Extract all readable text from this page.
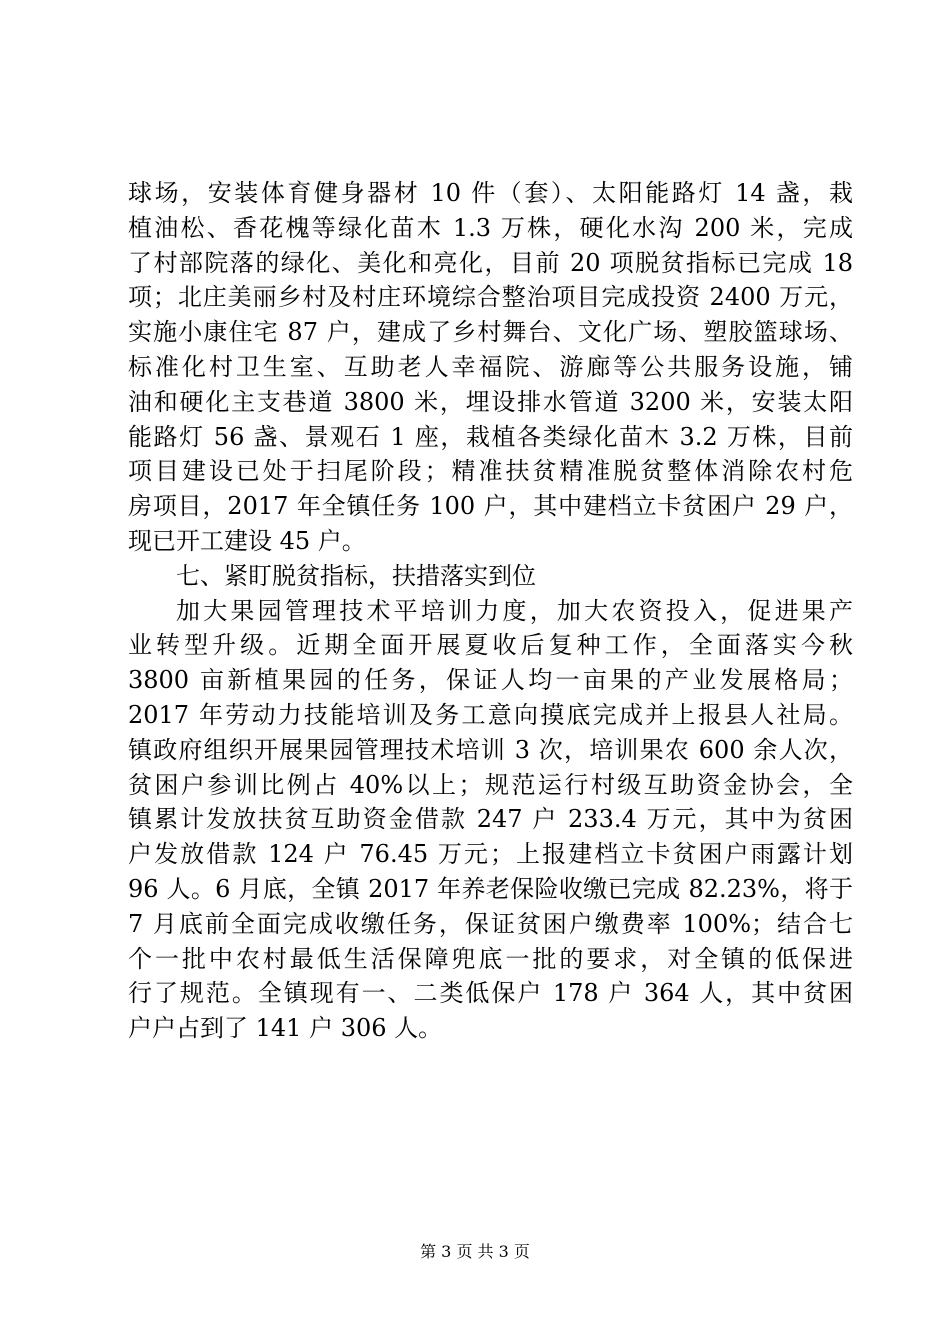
球场，安装体育健身器材 10 件（套）、太阳能路灯 14 盏，栽
植油松、香花槐等绿化苗木 1.3 万株，硬化水沟 200 米，完成
了村部院落的绿化、美化和亮化，目前 20 项脱贫指标已完成 18
项；北庄美丽乡村及村庄环境综合整治项目完成投资 2400 万元，
实施小康住宅 87 户，建成了乡村舞台、文化广场、塑胶篮球场、
标准化村卫生室、互助老人幸福院、游廊等公共服务设施，铺
油和硬化主支巷道 3800 米，埋设排水管道 3200 米，安装太阳
能路灯 56 盏、景观石 1 座，栽植各类绿化苗木 3.2 万株，目前
项目建设已处于扫尾阶段；精准扶贫精准脱贫整体消除农村危
房项目，2017 年全镇任务 100 户，其中建档立卡贫困户 29 户，
现已开工建设 45 户。
七、紧盯脱贫指标，扶措落实到位
加大果园管理技术平培训力度，加大农资投入，促进果产
业转型升级。近期全面开展夏收后复种工作，全面落实今秋
3800 亩新植果园的任务，保证人均一亩果的产业发展格局；
2017 年劳动力技能培训及务工意向摸底完成并上报县人社局。
镇政府组织开展果园管理技术培训 3 次，培训果农 600 余人次，
贫困户参训比例占 40%以上；规范运行村级互助资金协会，全
镇累计发放扶贫互助资金借款 247 户 233.4 万元，其中为贫困
户发放借款 124 户 76.45 万元；上报建档立卡贫困户雨露计划
96 人。6 月底，全镇 2017 年养老保险收缴已完成 82.23%，将于
7 月底前全面完成收缴任务，保证贫困户缴费率 100%；结合七
个一批中农村最低生活保障兜底一批的要求，对全镇的低保进
行了规范。全镇现有一、二类低保户 178 户 364 人，其中贫困
户户占到了 141 户 306 人。
第 3 页 共 3 页
